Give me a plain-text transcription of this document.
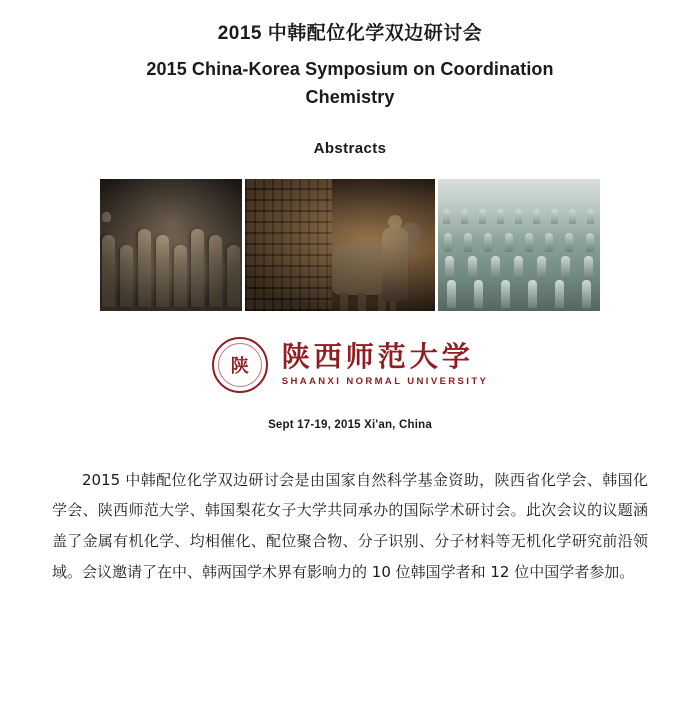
2015 中韩配位化学双边研讨会
2015 China-Korea Symposium on Coordination Chemistry
Abstracts
陕	陕西师范大学
SHAANXI NORMAL UNIVERSITY
Sept 17-19, 2015 Xi'an, China
2015 中韩配位化学双边研讨会是由国家自然科学基金资助，陕西省化学会、韩国化学会、陕西师范大学、韩国梨花女子大学共同承办的国际学术研讨会。此次会议的议题涵盖了金属有机化学、均相催化、配位聚合物、分子识别、分子材料等无机化学研究前沿领域。会议邀请了在中、韩两国学术界有影响力的 10 位韩国学者和 12 位中国学者参加。
